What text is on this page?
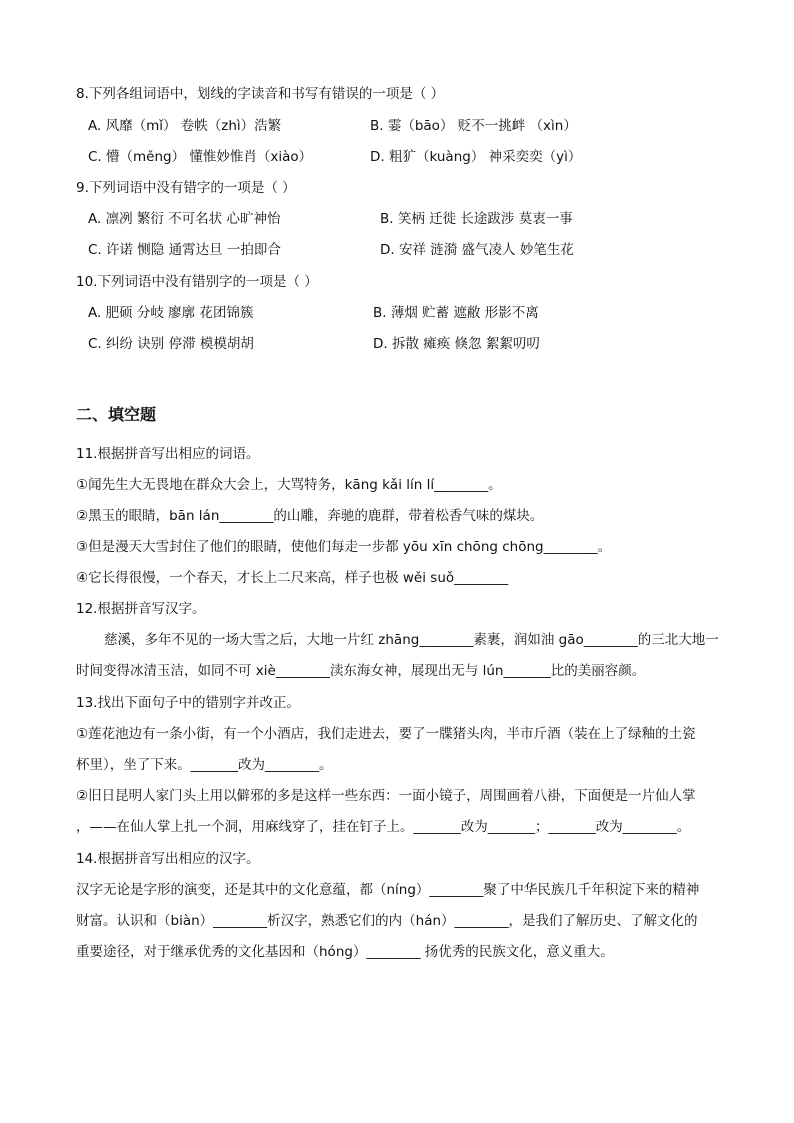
8.下列各组词语中，划线的字读音和书写有错误的一项是（ ）
A. 风靡（mǐ） 卷帙（zhì）浩繁	B. 霎（bāo） 贬不一挑衅 （xìn）
C. 懵（měng） 懂惟妙惟肖（xiào）	D. 粗犷（kuàng） 神采奕奕（yì）
9.下列词语中没有错字的一项是（ ）
A. 凛冽 繁衍 不可名状 心旷神怡	B. 笑柄 迁徙 长途跋涉 莫衷一事
C. 许诺 恻隐 通霄达旦 一拍即合	D. 安祥 涟漪 盛气凌人 妙笔生花
10.下列词语中没有错别字的一项是（ ）
A. 肥硕 分岐 廖廓 花团锦簇	B. 薄烟 贮蓄 遮敝 形影不离
C. 纠纷 诀别 停滞 模模胡胡	D. 拆散 瘫痪 倏忽 絮絮叨叨
二、填空题
11.根据拼音写出相应的词语。
①闻先生大无畏地在群众大会上，大骂特务，kāng kǎi lín lí________。
②黑玉的眼睛，bān lán________的山雕，奔驰的鹿群，带着松香气味的煤块。
③但是漫天大雪封住了他们的眼睛，使他们每走一步都 yōu xīn chōng chōng________。
④它长得很慢，一个春天，才长上二尺来高，样子也极 wěi suǒ________
12.根据拼音写汉字。
慈溪，多年不见的一场大雪之后，大地一片红 zhāng________素裹，润如油 gāo________的三北大地一
时间变得冰清玉洁，如同不可 xiè________渎东海女神，展现出无与 lún_______比的美丽容颜。
13.找出下面句子中的错别字并改正。
①莲花池边有一条小街，有一个小酒店，我们走进去，要了一牒猪头肉，半市斤酒（装在上了绿釉的土瓷
杯里），坐了下来。_______改为________。
②旧日昆明人家门头上用以僻邪的多是这样一些东西：一面小镜子，周围画着八褂，下面便是一片仙人掌
，——在仙人掌上扎一个洞，用麻线穿了，挂在钉子上。_______改为_______；_______改为________。
14.根据拼音写出相应的汉字。
汉字无论是字形的演变，还是其中的文化意蕴，都（níng）________聚了中华民族几千年积淀下来的精神
财富。认识和（biàn）________析汉字，熟悉它们的内（hán）________，是我们了解历史、了解文化的
重要途径，对于继承优秀的文化基因和（hóng）________ 扬优秀的民族文化，意义重大。
